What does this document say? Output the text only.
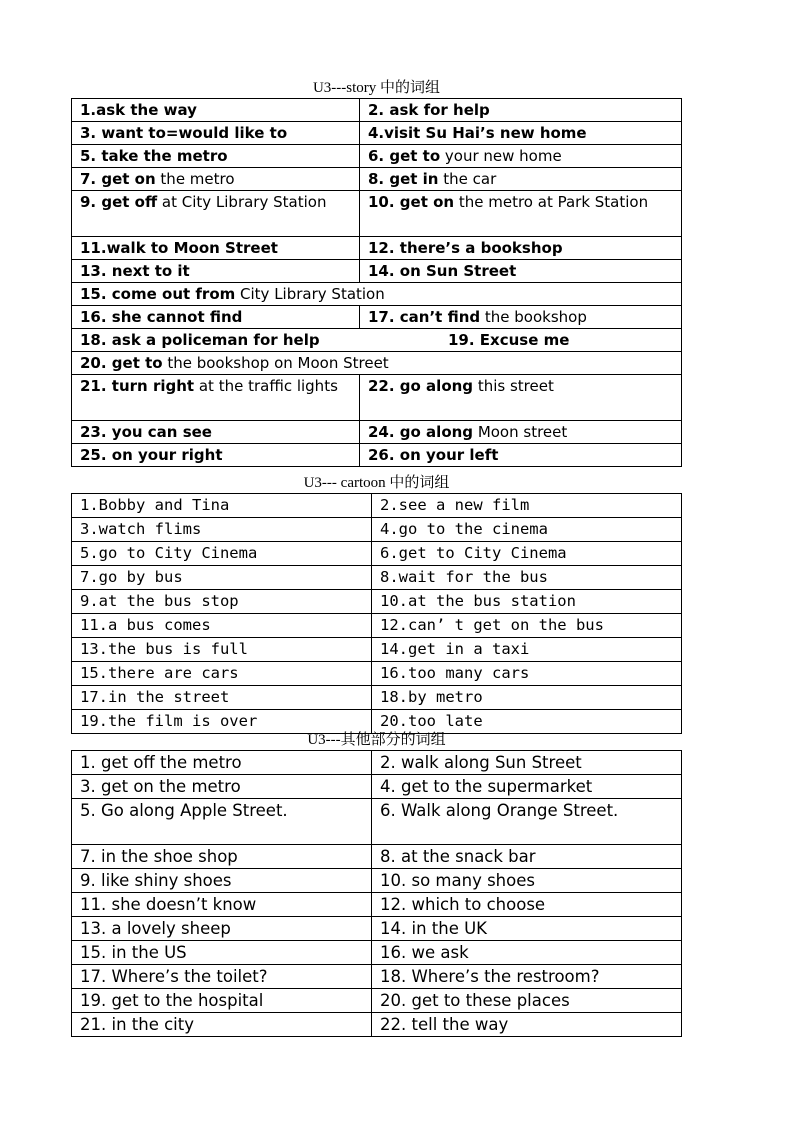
U3---story 中的词组
1.ask the way	2. ask for help
3. want to=would like to	4.visit Su Hai’s new home
5. take the metro	6. get to your new home
7. get on the metro	8. get in the car
9. get off at City Library Station	10. get on the metro at Park Station
11.walk to Moon Street	12. there’s a bookshop
13. next to it	14. on Sun Street
15. come out from City Library Station	
16. she cannot find	17. can’t find the bookshop
18. ask a policeman for help 19. Excuse me	

20. get to the bookshop on Moon Street	
21. turn right at the traffic lights	22. go along this street
23. you can see	24. go along Moon street
25. on your right	26. on your left
U3--- cartoon 中的词组
1.Bobby and Tina	2.see a new film
3.watch flims	4.go to the cinema
5.go to City Cinema	6.get to City Cinema
7.go by bus	8.wait for the bus
9.at the bus stop	10.at the bus station
11.a bus comes	12.can’ t get on the bus
13.the bus is full	14.get in a taxi
15.there are cars	16.too many cars
17.in the street	18.by metro
19.the film is over	20.too late
U3---其他部分的词组
1. get off the metro	2. walk along Sun Street
3. get on the metro	4. get to the supermarket
5. Go along Apple Street.	6. Walk along Orange Street.
7. in the shoe shop	8. at the snack bar
9. like shiny shoes	10. so many shoes
11. she doesn’t know	12. which to choose
13. a lovely sheep	14. in the UK
15. in the US	16. we ask
17. Where’s the toilet?	18. Where’s the restroom?
19. get to the hospital	20. get to these places
21. in the city	22. tell the way
